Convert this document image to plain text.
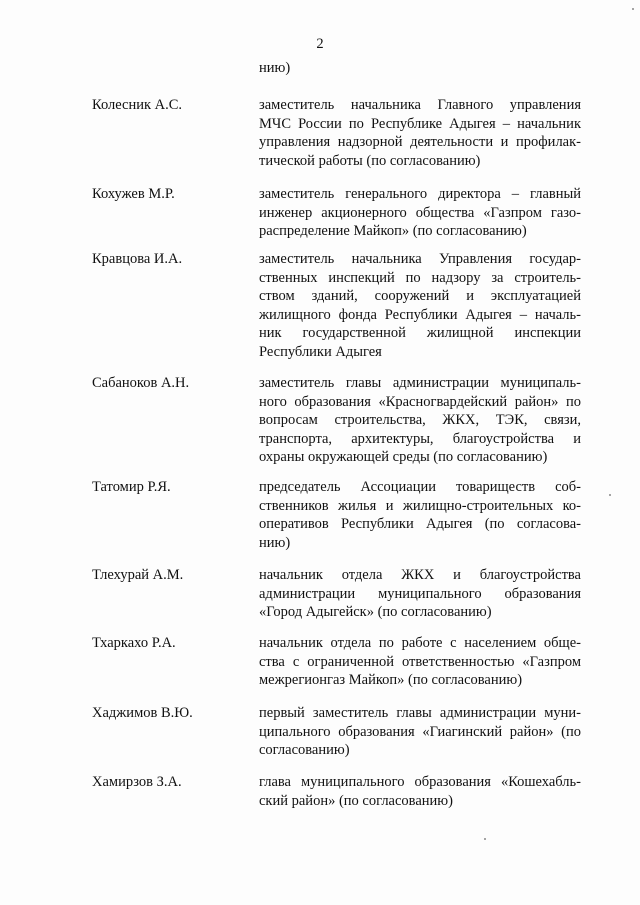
2
нию)
Колесник А.С.	заместитель начальника Главного управления
МЧС России по Республике Адыгея – начальник
управления надзорной деятельности и профилак-
тической работы (по согласованию)
Кохужев М.Р.	заместитель генерального директора – главный
инженер акционерного общества «Газпром газо-
распределение Майкоп» (по согласованию)
Кравцова И.А.	заместитель начальника Управления государ-
ственных инспекций по надзору за строитель-
ством зданий, сооружений и эксплуатацией
жилищного фонда Республики Адыгея – началь-
ник государственной жилищной инспекции
Республики Адыгея
Сабаноков А.Н.	заместитель главы администрации муниципаль-
ного образования «Красногвардейский район» по
вопросам строительства, ЖКХ, ТЭК, связи,
транспорта, архитектуры, благоустройства и
охраны окружающей среды (по согласованию)
Татомир Р.Я.	председатель Ассоциации товариществ соб-
ственников жилья и жилищно-строительных ко-
оперативов Республики Адыгея (по согласова-
нию)
Тлехурай А.М.	начальник отдела ЖКХ и благоустройства
администрации муниципального образования
«Город Адыгейск» (по согласованию)
Тхаркахо Р.А.	начальник отдела по работе с населением обще-
ства с ограниченной ответственностью «Газпром
межрегионгаз Майкоп» (по согласованию)
Хаджимов В.Ю.	первый заместитель главы администрации муни-
ципального образования «Гиагинский район» (по
согласованию)
Хамирзов З.А.	глава муниципального образования «Кошехабль-
ский район» (по согласованию)
